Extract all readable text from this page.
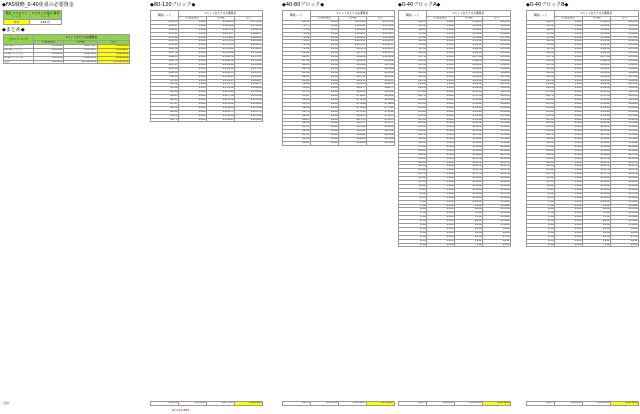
◆FAS戦略_0-40免責の必要資金
想定 ロスカット レート	ロスカット時の 参考レート
0.0	140 円
◆まとめ◆
ブロック エリア	1セットあたりの必要資金		
	必要証拠金	含み損	合計
80-120ブロック	¥13,000	¥367,185	¥380,185
40-80ブロック	¥21,000	¥355,887	¥376,887
0-40ブロックA	¥29,000	¥162,806	¥191,806
0-40ブロックB	¥29,000	¥162,806	¥191,806
合計	¥92,000	¥1,048,684	¥1,140,684
◆80-120ブロック◆
陣張レート	1セットあたりの必要資金		
	必要証拠金	含み損	合計
120.00	¥500	¥16,800	¥17,300
118.47	¥500	¥16,586	¥17,086
116.94	¥500	¥16,372	¥16,872
115.41	¥500	¥16,157	¥16,657
113.88	¥500	¥15,943	¥16,443
112.35	¥500	¥15,729	¥16,229
110.82	¥500	¥15,515	¥16,015
109.29	¥500	¥15,301	¥15,801
107.76	¥500	¥15,086	¥15,586
106.23	¥500	¥14,872	¥15,372
104.70	¥500	¥14,658	¥15,158
103.17	¥500	¥14,444	¥14,944
101.64	¥500	¥14,230	¥14,730
100.11	¥500	¥14,015	¥14,515
98.58	¥500	¥13,801	¥14,301
97.05	¥500	¥13,587	¥14,087
95.52	¥500	¥13,373	¥13,873
93.99	¥500	¥13,159	¥13,659
92.46	¥500	¥12,944	¥13,444
90.93	¥500	¥12,730	¥13,230
89.40	¥500	¥12,516	¥13,016
87.87	¥500	¥12,302	¥12,802
86.34	¥500	¥12,088	¥12,588
84.81	¥500	¥11,873	¥12,373
83.28	¥500	¥11,659	¥12,159
81.75	¥500	¥11,445	¥11,945
100.88	¥13,000	¥367,185	¥380,185
◆40-80ブロック◆
陣張レート	1セットあたりの必要資金		
	必要証拠金	含み損	合計
80.00	¥500	¥11,200	¥11,700
78.73	¥500	¥11,022	¥11,522
77.46	¥500	¥10,844	¥11,344
76.19	¥500	¥10,667	¥11,167
74.92	¥500	¥10,489	¥10,989
73.65	¥500	¥10,311	¥10,811
72.38	¥500	¥10,133	¥10,633
71.11	¥500	¥9,955	¥10,455
69.84	¥500	¥9,778	¥10,278
68.57	¥500	¥9,600	¥10,100
67.30	¥500	¥9,422	¥9,922
66.03	¥500	¥9,244	¥9,744
64.76	¥500	¥9,066	¥9,566
63.49	¥500	¥8,889	¥9,389
62.22	¥500	¥8,711	¥9,211
60.95	¥500	¥8,533	¥9,033
59.68	¥500	¥8,355	¥8,855
58.41	¥500	¥8,177	¥8,677
57.14	¥500	¥8,000	¥8,500
55.87	¥500	¥7,822	¥8,322
54.60	¥500	¥7,644	¥8,144
53.33	¥500	¥7,466	¥7,966
52.06	¥500	¥7,288	¥7,788
50.79	¥500	¥7,111	¥7,611
49.52	¥500	¥6,933	¥7,433
48.25	¥500	¥6,755	¥7,255
46.98	¥500	¥6,577	¥7,077
45.71	¥500	¥6,399	¥6,899
44.44	¥500	¥6,222	¥6,722
43.17	¥500	¥6,044	¥6,544
41.90	¥500	¥5,866	¥6,366
40.63	¥500	¥5,688	¥6,188
60.53	¥21,000	¥355,887	¥376,887
◆0-40ブロックA◆
陣張レート	1セットあたりの必要資金		
	必要証拠金	含み損	合計
40.00	¥500	¥5,600	¥6,100
39.30	¥500	¥5,502	¥6,002
38.60	¥500	¥5,404	¥5,904
37.90	¥500	¥5,306	¥5,806
37.20	¥500	¥5,208	¥5,708
36.50	¥500	¥5,110	¥5,610
35.80	¥500	¥5,012	¥5,512
35.10	¥500	¥4,914	¥5,414
34.40	¥500	¥4,816	¥5,316
33.70	¥500	¥4,718	¥5,218
33.00	¥500	¥4,620	¥5,120
32.30	¥500	¥4,522	¥5,022
31.60	¥500	¥4,424	¥4,924
30.90	¥500	¥4,326	¥4,826
30.20	¥500	¥4,228	¥4,728
29.50	¥500	¥4,130	¥4,630
28.80	¥500	¥4,032	¥4,532
28.10	¥500	¥3,934	¥4,434
27.40	¥500	¥3,836	¥4,336
26.70	¥500	¥3,738	¥4,238
26.00	¥500	¥3,640	¥4,140
25.30	¥500	¥3,542	¥4,042
24.60	¥500	¥3,444	¥3,944
23.90	¥500	¥3,346	¥3,846
23.20	¥500	¥3,248	¥3,748
22.50	¥500	¥3,150	¥3,650
21.80	¥500	¥3,052	¥3,552
21.10	¥500	¥2,954	¥3,454
20.40	¥500	¥2,856	¥3,356
19.70	¥500	¥2,758	¥3,258
19.00	¥500	¥2,660	¥3,160
18.30	¥500	¥2,562	¥3,062
17.60	¥500	¥2,464	¥2,964
16.90	¥500	¥2,366	¥2,866
16.20	¥500	¥2,268	¥2,768
15.50	¥500	¥2,170	¥2,670
14.80	¥500	¥2,072	¥2,572
14.10	¥500	¥1,974	¥2,474
13.40	¥500	¥1,876	¥2,376
12.70	¥500	¥1,778	¥2,278
12.00	¥500	¥1,680	¥2,180
11.30	¥500	¥1,582	¥2,082
10.60	¥500	¥1,484	¥1,984
9.90	¥500	¥1,386	¥1,886
9.20	¥500	¥1,288	¥1,788
8.50	¥500	¥1,190	¥1,690
7.80	¥500	¥1,092	¥1,592
7.10	¥500	¥994	¥1,494
6.40	¥500	¥896	¥1,396
5.70	¥500	¥798	¥1,298
5.00	¥500	¥700	¥1,200
4.30	¥500	¥602	¥1,102
3.60	¥500	¥504	¥1,004
2.90	¥500	¥406	¥906
2.20	¥500	¥308	¥808
1.50	¥500	¥210	¥710
0.80	¥500	¥112	¥612
0.10	¥500	¥14	¥514
20.05	¥29,000	¥162,806	¥191,806
◆0-40ブロックB◆
陣張レート	1セットあたりの必要資金		
	必要証拠金	含み損	合計
40.00	¥500	¥5,600	¥6,100
39.30	¥500	¥5,502	¥6,002
38.60	¥500	¥5,404	¥5,904
37.90	¥500	¥5,306	¥5,806
37.20	¥500	¥5,208	¥5,708
36.50	¥500	¥5,110	¥5,610
35.80	¥500	¥5,012	¥5,512
35.10	¥500	¥4,914	¥5,414
34.40	¥500	¥4,816	¥5,316
33.70	¥500	¥4,718	¥5,218
33.00	¥500	¥4,620	¥5,120
32.30	¥500	¥4,522	¥5,022
31.60	¥500	¥4,424	¥4,924
30.90	¥500	¥4,326	¥4,826
30.20	¥500	¥4,228	¥4,728
29.50	¥500	¥4,130	¥4,630
28.80	¥500	¥4,032	¥4,532
28.10	¥500	¥3,934	¥4,434
27.40	¥500	¥3,836	¥4,336
26.70	¥500	¥3,738	¥4,238
26.00	¥500	¥3,640	¥4,140
25.30	¥500	¥3,542	¥4,042
24.60	¥500	¥3,444	¥3,944
23.90	¥500	¥3,346	¥3,846
23.20	¥500	¥3,248	¥3,748
22.50	¥500	¥3,150	¥3,650
21.80	¥500	¥3,052	¥3,552
21.10	¥500	¥2,954	¥3,454
20.40	¥500	¥2,856	¥3,356
19.70	¥500	¥2,758	¥3,258
19.00	¥500	¥2,660	¥3,160
18.30	¥500	¥2,562	¥3,062
17.60	¥500	¥2,464	¥2,964
16.90	¥500	¥2,366	¥2,866
16.20	¥500	¥2,268	¥2,768
15.50	¥500	¥2,170	¥2,670
14.80	¥500	¥2,072	¥2,572
14.10	¥500	¥1,974	¥2,474
13.40	¥500	¥1,876	¥2,376
12.70	¥500	¥1,778	¥2,278
12.00	¥500	¥1,680	¥2,180
11.30	¥500	¥1,582	¥2,082
10.60	¥500	¥1,484	¥1,984
9.90	¥500	¥1,386	¥1,886
9.20	¥500	¥1,288	¥1,788
8.50	¥500	¥1,190	¥1,690
7.80	¥500	¥1,092	¥1,592
7.10	¥500	¥994	¥1,494
6.40	¥500	¥896	¥1,396
5.70	¥500	¥798	¥1,298
5.00	¥500	¥700	¥1,200
4.30	¥500	¥602	¥1,102
3.60	¥500	¥504	¥1,004
2.90	¥500	¥406	¥906
2.20	¥500	¥308	¥808
1.50	¥500	¥210	¥710
0.80	¥500	¥112	¥612
0.10	¥500	¥14	¥514
20.05	¥29,000	¥162,806	¥191,806
合計
¥1,140,684
